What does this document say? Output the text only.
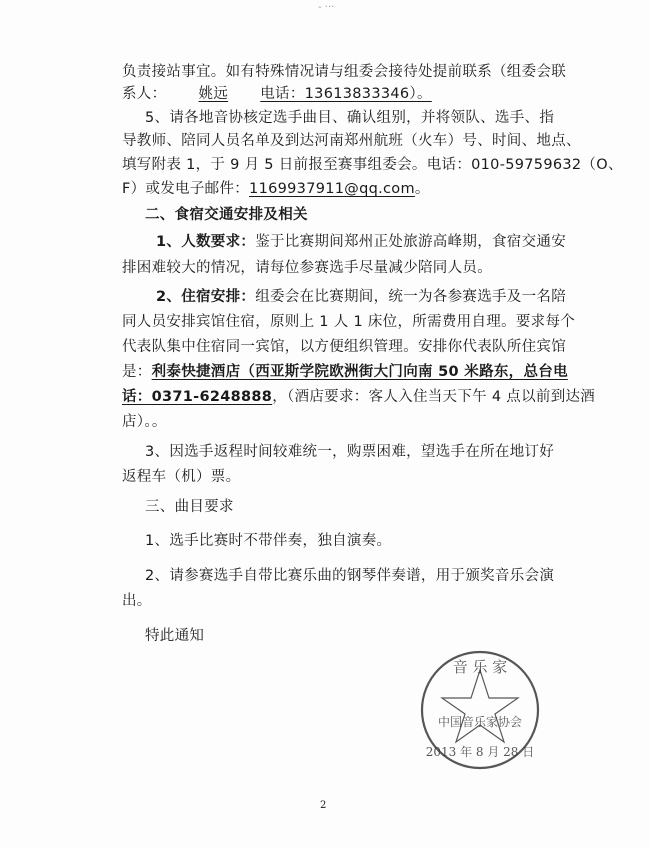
- ···
负责接站事宜。如有特殊情况请与组委会接待处提前联系（组委会联
系人： 姚远 电话：13613833346）。
5、请各地音协核定选手曲目、确认组别，并将领队、选手、指
导教师、陪同人员名单及到达河南郑州航班（火车）号、时间、地点、
填写附表 1，于 9 月 5 日前报至赛事组委会。电话：010-59759632（O、
F）或发电子邮件：1169937911@qq.com。
二、食宿交通安排及相关
1、人数要求：鉴于比赛期间郑州正处旅游高峰期，食宿交通安
排困难较大的情况，请每位参赛选手尽量减少陪同人员。
2、住宿安排：组委会在比赛期间，统一为各参赛选手及一名陪
同人员安排宾馆住宿，原则上 1 人 1 床位，所需费用自理。要求每个
代表队集中住宿同一宾馆，以方便组织管理。安排你代表队所住宾馆
是：利泰快捷酒店（西亚斯学院欧洲街大门向南 50 米路东，总台电
话：0371-6248888，（酒店要求：客人入住当天下午 4 点以前到达酒
店）。。
3、因选手返程时间较难统一，购票困难，望选手在所在地订好
返程车（机）票。
三、曲目要求
1、选手比赛时不带伴奏，独自演奏。
2、请参赛选手自带比赛乐曲的钢琴伴奏谱，用于颁奖音乐会演
出。
特此通知
音 乐 家
中国音乐家协会
2013 年 8 月 28 日
2
